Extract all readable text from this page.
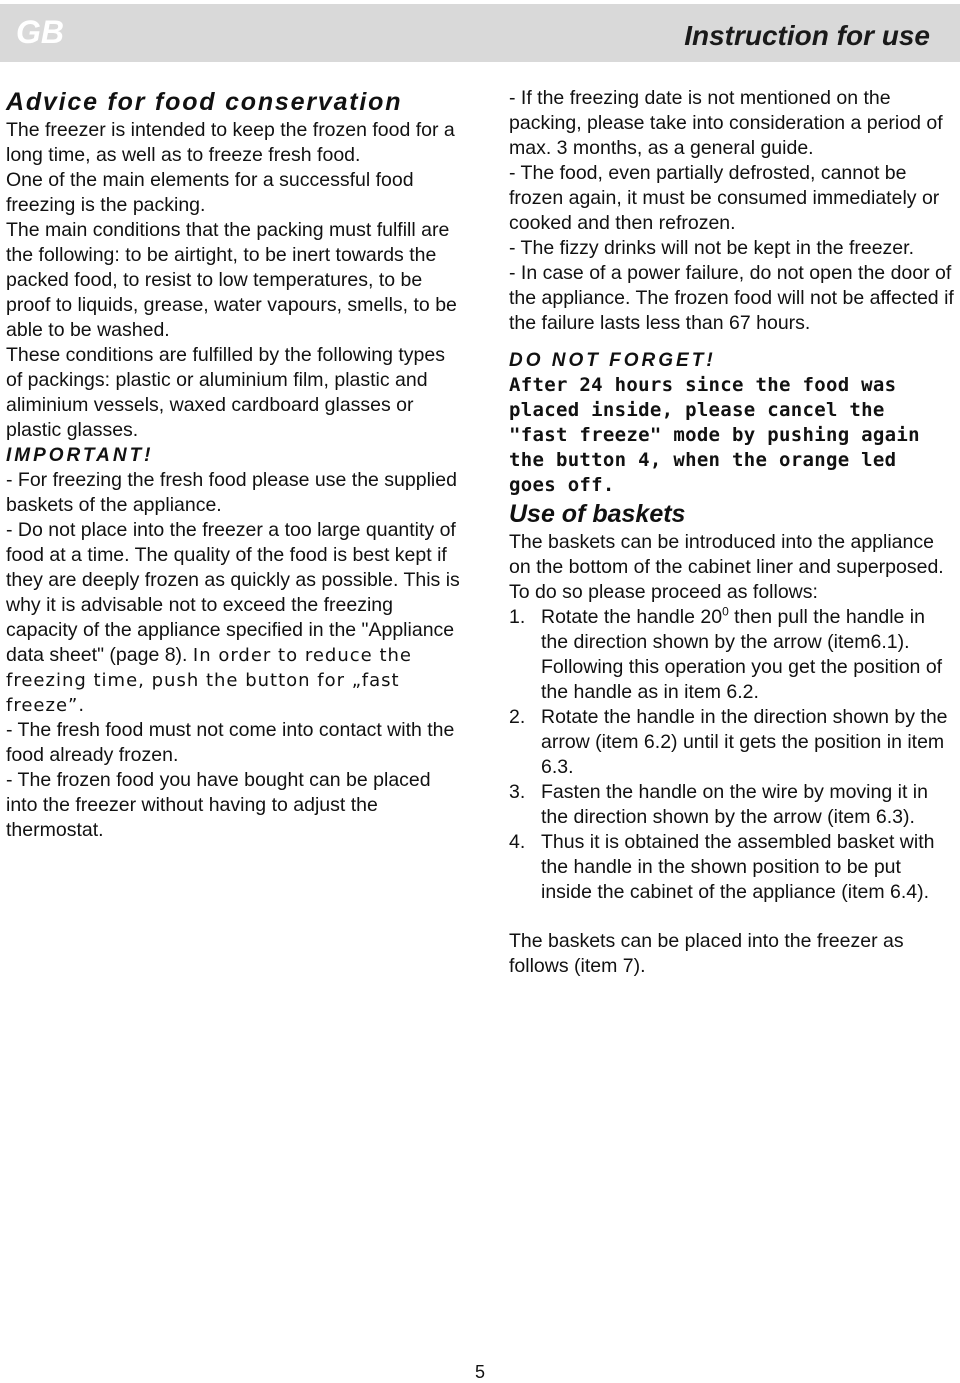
GB	Instruction for use

Advice for food conservation

The freezer is intended to keep the frozen food for a long time, as well as to freeze fresh food.

One of the main elements for a successful food freezing is the packing.

The main conditions that the packing must fulfill are the following: to be airtight, to be inert towards the packed food, to resist to low temperatures, to be proof to liquids, grease, water vapours, smells, to be able to be washed.

These conditions are fulfilled by the following types of packings: plastic or aluminium film, plastic and aliminium vessels, waxed cardboard glasses or plastic glasses.

IMPORTANT!

- For freezing the fresh food please use the supplied baskets of the appliance.

- Do not place into the freezer a too large quantity of food at a time. The quality of the food is best kept if they are deeply frozen as quickly as possible. This is why it is advisable not to exceed the freezing capacity of the appliance specified in the "Appliance data sheet" (page 8). In order to reduce the freezing time, push the button for „fast freeze”.

- The fresh food must not come into contact with the food already frozen.

- The frozen food you have bought can be placed into the freezer without having to adjust the thermostat.

- If the freezing date is not mentioned on the packing, please take into consideration a period of max. 3 months, as a general guide.

- The food, even partially defrosted, cannot be frozen again, it must be consumed immediately or cooked and then refrozen.

- The fizzy drinks will not be kept in the freezer.

- In case of a power failure, do not open the door of the appliance. The frozen food will not be affected if the failure lasts less than 67 hours.

DO NOT FORGET!

After 24 hours since the food was placed inside, please cancel the "fast freeze" mode by pushing again the button 4, when the orange led goes off.

Use of baskets

The baskets can be introduced into the appliance on the bottom of the cabinet liner and superposed. To do so please proceed as follows:

1. Rotate the handle $20^0$ then pull the handle in the direction shown by the arrow (item6.1). Following this operation you get the position of the handle as in item 6.2.
2. Rotate the handle in the direction shown by the arrow (item 6.2) until it gets the position in item 6.3.
3. Fasten the handle on the wire by moving it in the direction shown by the arrow (item 6.3).
4. Thus it is obtained the assembled basket with the handle in the shown position to be put inside the cabinet of the appliance (item 6.4).

The baskets can be placed into the freezer as follows (item 7).

5
